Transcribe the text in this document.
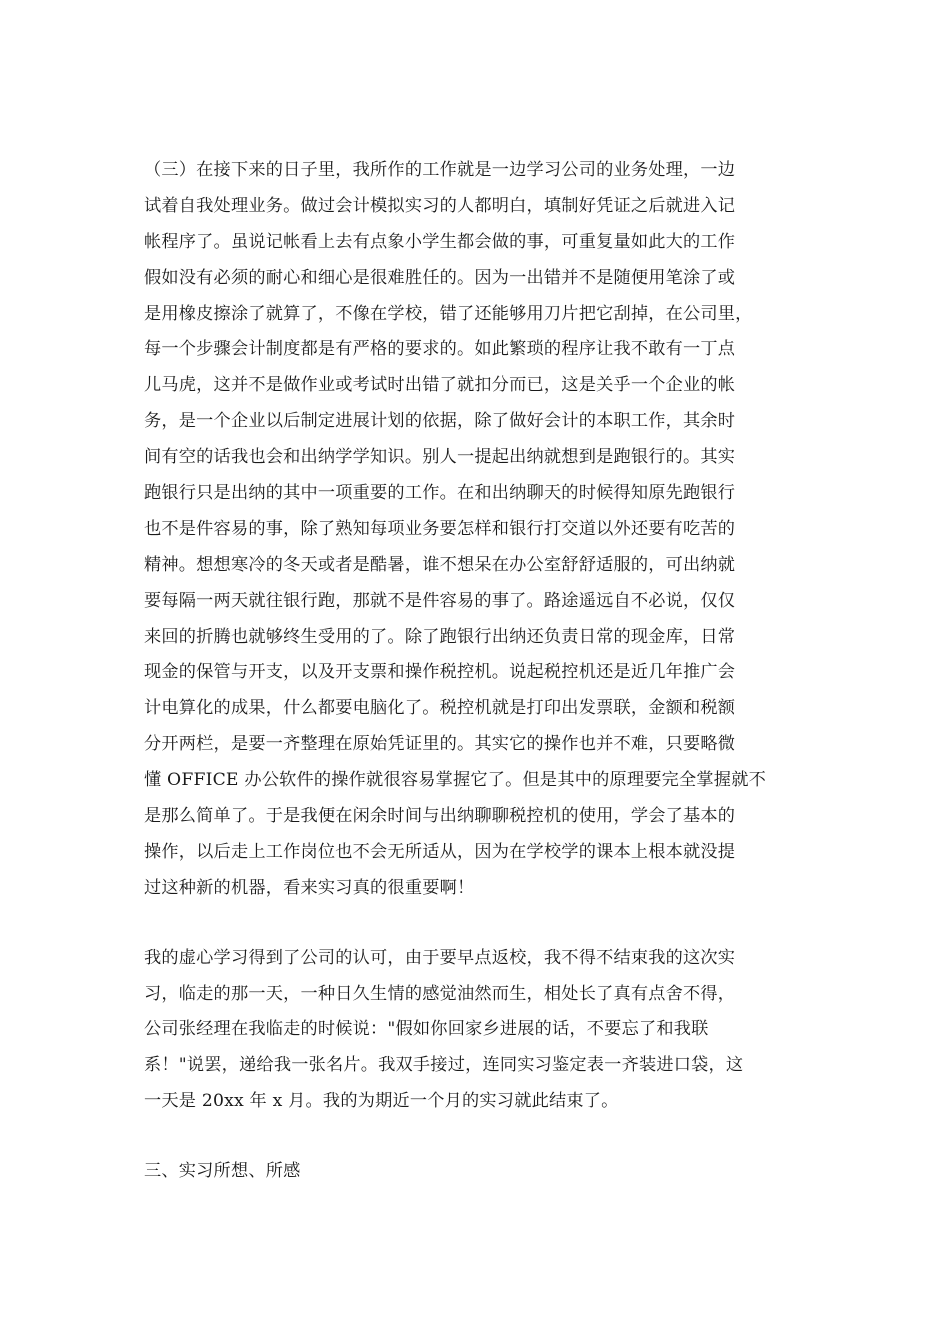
（三）在接下来的日子里，我所作的工作就是一边学习公司的业务处理，一边
试着自我处理业务。做过会计模拟实习的人都明白，填制好凭证之后就进入记
帐程序了。虽说记帐看上去有点象小学生都会做的事，可重复量如此大的工作
假如没有必须的耐心和细心是很难胜任的。因为一出错并不是随便用笔涂了或
是用橡皮擦涂了就算了，不像在学校，错了还能够用刀片把它刮掉，在公司里，
每一个步骤会计制度都是有严格的要求的。如此繁琐的程序让我不敢有一丁点
儿马虎，这并不是做作业或考试时出错了就扣分而已，这是关乎一个企业的帐
务，是一个企业以后制定进展计划的依据，除了做好会计的本职工作，其余时
间有空的话我也会和出纳学学知识。别人一提起出纳就想到是跑银行的。其实
跑银行只是出纳的其中一项重要的工作。在和出纳聊天的时候得知原先跑银行
也不是件容易的事，除了熟知每项业务要怎样和银行打交道以外还要有吃苦的
精神。想想寒冷的冬天或者是酷暑，谁不想呆在办公室舒舒适服的，可出纳就
要每隔一两天就往银行跑，那就不是件容易的事了。路途遥远自不必说，仅仅
来回的折腾也就够终生受用的了。除了跑银行出纳还负责日常的现金库，日常
现金的保管与开支，以及开支票和操作税控机。说起税控机还是近几年推广会
计电算化的成果，什么都要电脑化了。税控机就是打印出发票联，金额和税额
分开两栏，是要一齐整理在原始凭证里的。其实它的操作也并不难，只要略微
懂 OFFICE 办公软件的操作就很容易掌握它了。但是其中的原理要完全掌握就不
是那么简单了。于是我便在闲余时间与出纳聊聊税控机的使用，学会了基本的
操作，以后走上工作岗位也不会无所适从，因为在学校学的课本上根本就没提
过这种新的机器，看来实习真的很重要啊！
我的虚心学习得到了公司的认可，由于要早点返校，我不得不结束我的这次实
习，临走的那一天，一种日久生情的感觉油然而生，相处长了真有点舍不得，
公司张经理在我临走的时候说："假如你回家乡进展的话，不要忘了和我联
系！"说罢，递给我一张名片。我双手接过，连同实习鉴定表一齐装进口袋，这
一天是 20xx 年 x 月。我的为期近一个月的实习就此结束了。
三、实习所想、所感
